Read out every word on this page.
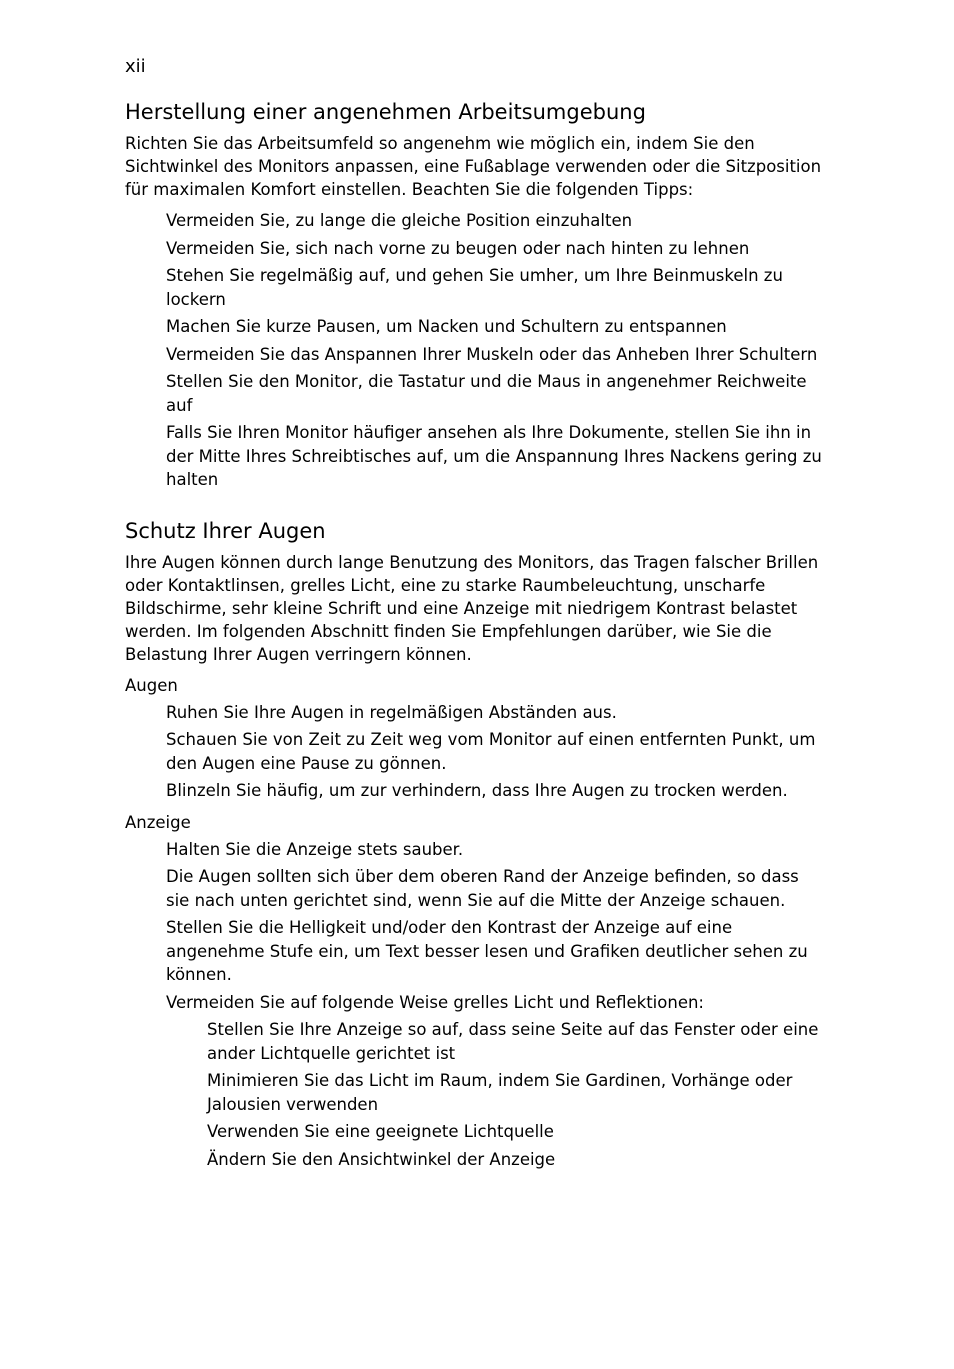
xii
Herstellung einer angenehmen Arbeitsumgebung

Richten Sie das Arbeitsumfeld so angenehm wie möglich ein, indem Sie den Sichtwinkel des Monitors anpassen, eine Fußablage verwenden oder die Sitzposition für maximalen Komfort einstellen. Beachten Sie die folgenden Tipps:

Vermeiden Sie, zu lange die gleiche Position einzuhalten
Vermeiden Sie, sich nach vorne zu beugen oder nach hinten zu lehnen
Stehen Sie regelmäßig auf, und gehen Sie umher, um Ihre Beinmuskeln zu lockern
Machen Sie kurze Pausen, um Nacken und Schultern zu entspannen
Vermeiden Sie das Anspannen Ihrer Muskeln oder das Anheben Ihrer Schultern
Stellen Sie den Monitor, die Tastatur und die Maus in angenehmer Reichweite auf
Falls Sie Ihren Monitor häufiger ansehen als Ihre Dokumente, stellen Sie ihn in der Mitte Ihres Schreibtisches auf, um die Anspannung Ihres Nackens gering zu halten
Schutz Ihrer Augen

Ihre Augen können durch lange Benutzung des Monitors, das Tragen falscher Brillen oder Kontaktlinsen, grelles Licht, eine zu starke Raumbeleuchtung, unscharfe Bildschirme, sehr kleine Schrift und eine Anzeige mit niedrigem Kontrast belastet werden. Im folgenden Abschnitt finden Sie Empfehlungen darüber, wie Sie die Belastung Ihrer Augen verringern können.

Augen
Ruhen Sie Ihre Augen in regelmäßigen Abständen aus.
Schauen Sie von Zeit zu Zeit weg vom Monitor auf einen entfernten Punkt, um den Augen eine Pause zu gönnen.
Blinzeln Sie häufig, um zur verhindern, dass Ihre Augen zu trocken werden.
Anzeige
Halten Sie die Anzeige stets sauber.
Die Augen sollten sich über dem oberen Rand der Anzeige befinden, so dass sie nach unten gerichtet sind, wenn Sie auf die Mitte der Anzeige schauen.
Stellen Sie die Helligkeit und/oder den Kontrast der Anzeige auf eine angenehme Stufe ein, um Text besser lesen und Grafiken deutlicher sehen zu können.
Vermeiden Sie auf folgende Weise grelles Licht und Reflektionen:
Stellen Sie Ihre Anzeige so auf, dass seine Seite auf das Fenster oder eine ander Lichtquelle gerichtet ist
Minimieren Sie das Licht im Raum, indem Sie Gardinen, Vorhänge oder Jalousien verwenden
Verwenden Sie eine geeignete Lichtquelle
Ändern Sie den Ansichtwinkel der Anzeige
